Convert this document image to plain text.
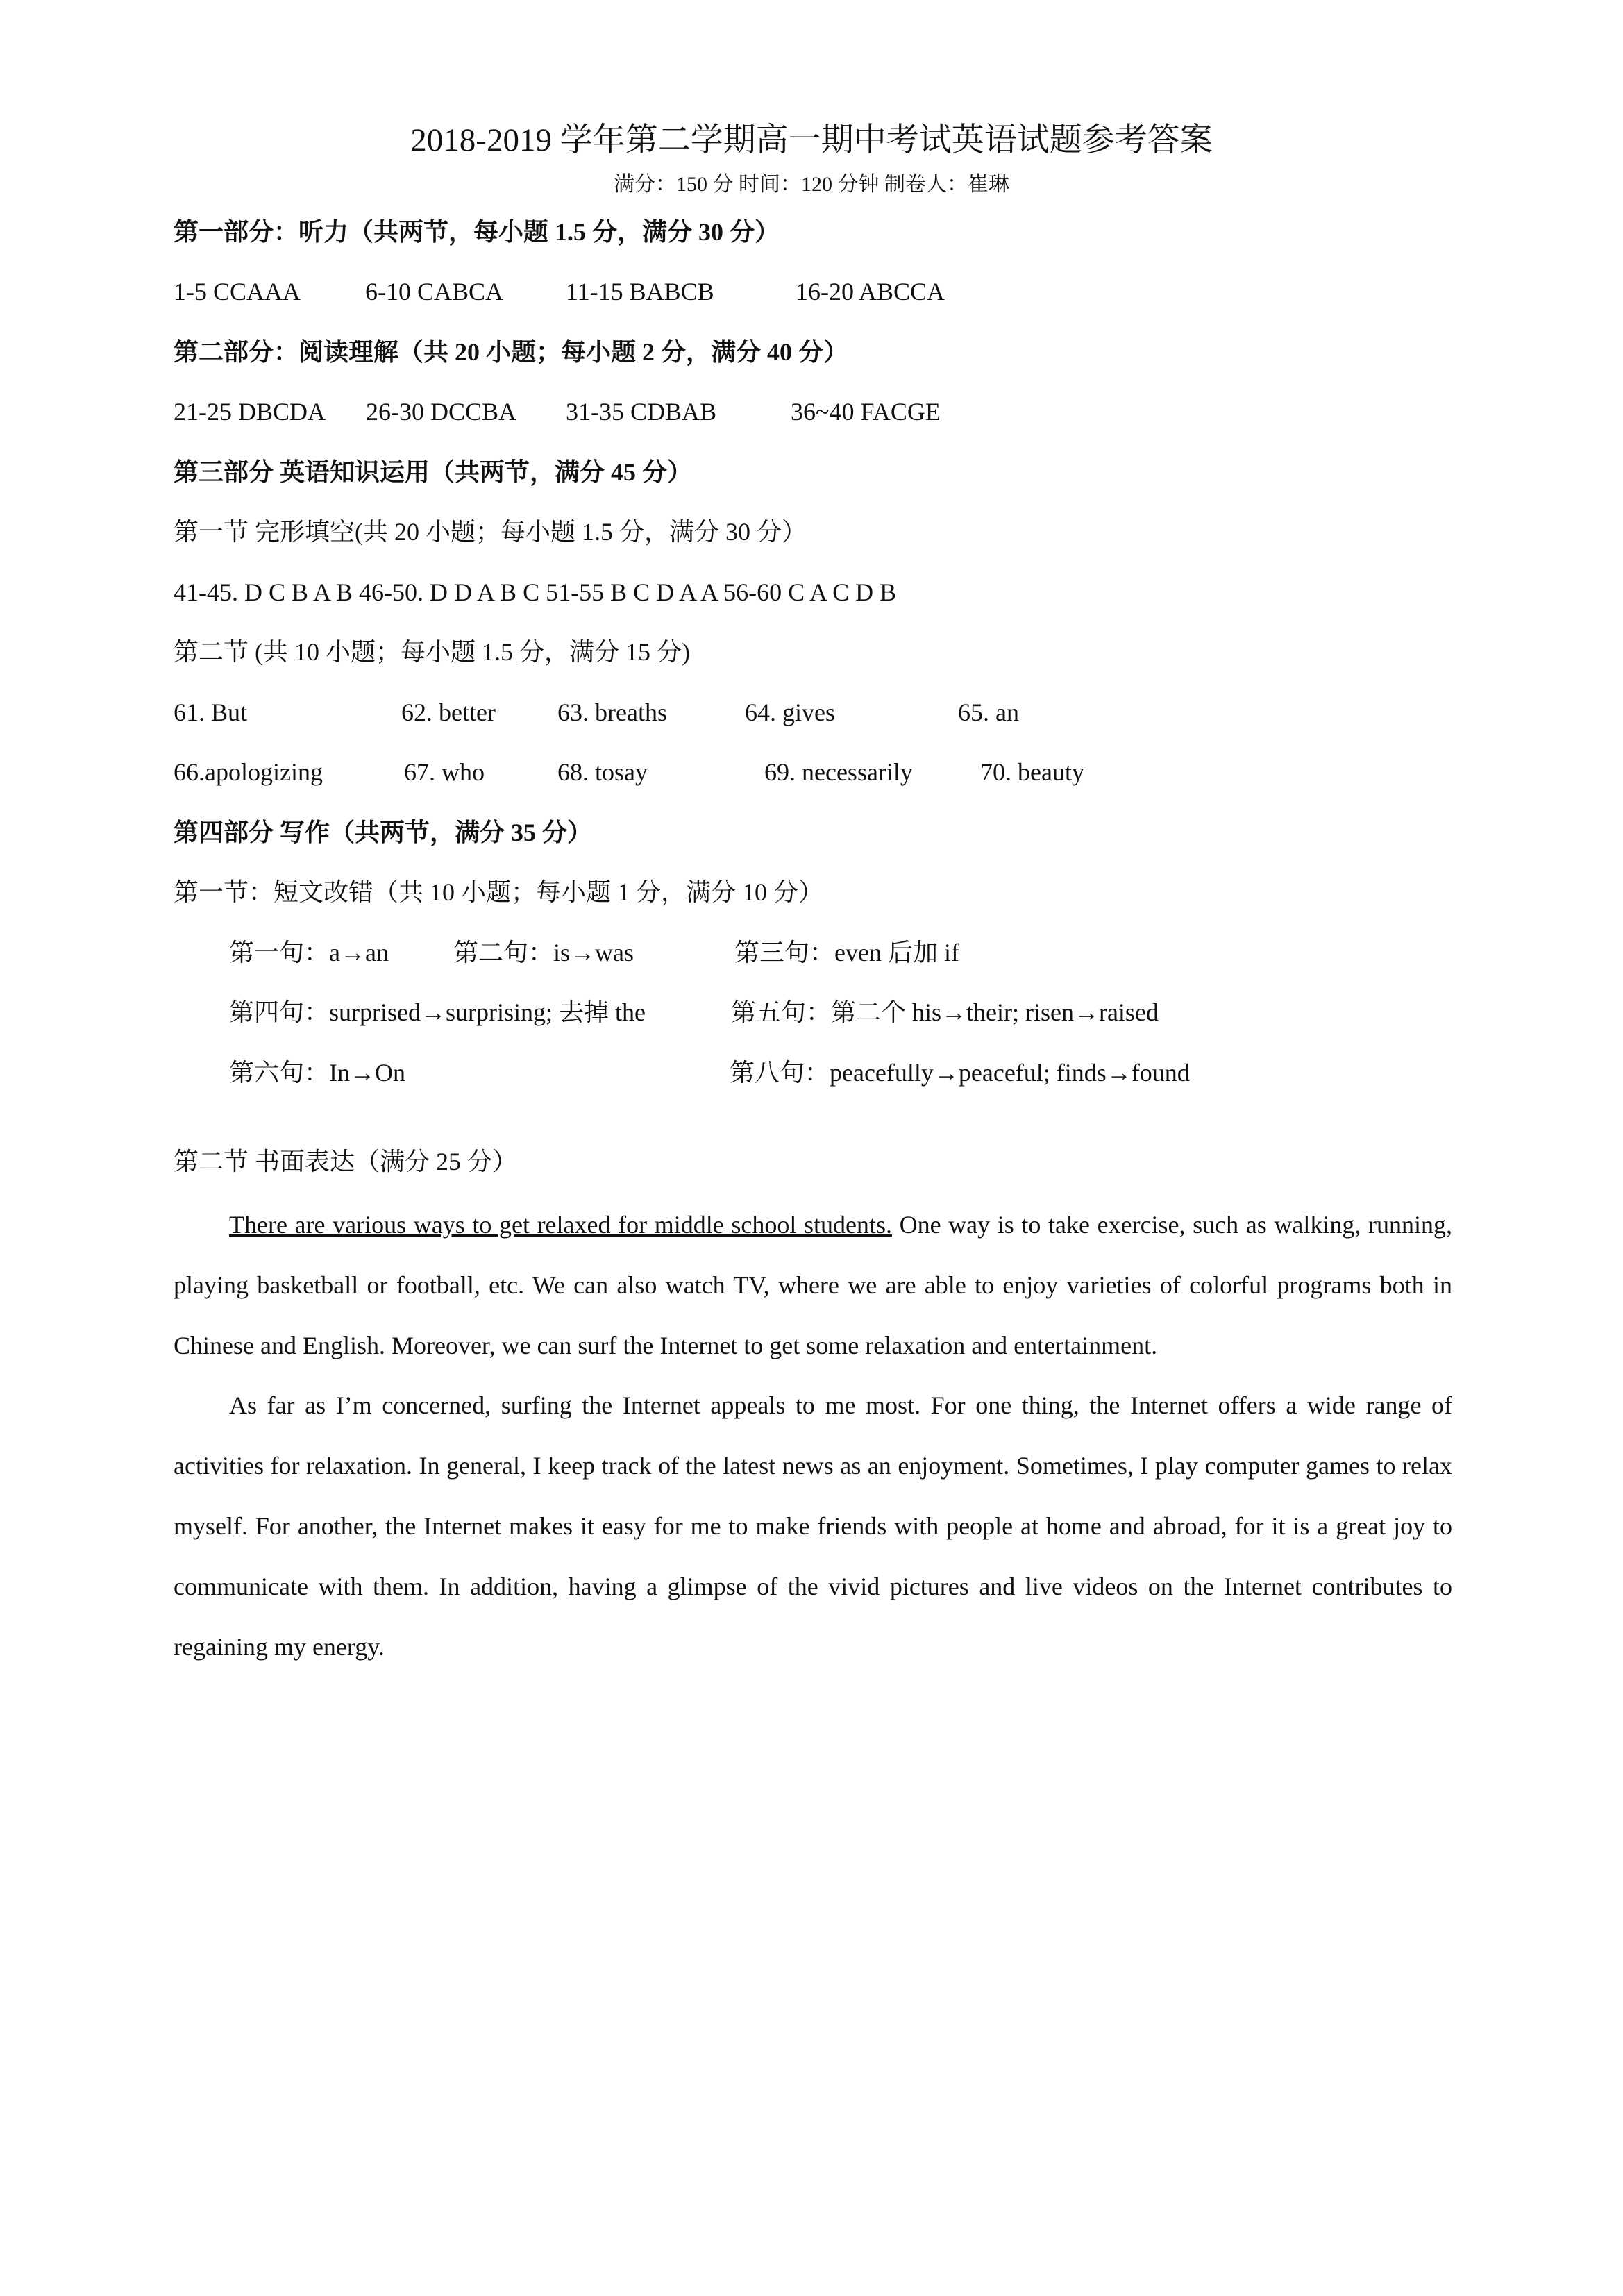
2018-2019 学年第二学期高一期中考试英语试题参考答案
满分：150 分 时间：120 分钟 制卷人：崔琳
第一部分：听力（共两节，每小题 1.5 分，满分 30 分）
1-5 CCAAA	6-10 CABCA 11-15 BABCB	16-20 ABCCA
第二部分：阅读理解（共 20 小题；每小题 2 分，满分 40 分）
21-25 DBCDA 26-30 DCCBA 31-35 CDBAB	36~40 FACGE
第三部分 英语知识运用（共两节，满分 45 分）
第一节 完形填空(共 20 小题；每小题 1.5 分，满分 30 分）
41-45. D C B A B 46-50. D D A B C 51-55 B C D A A 56-60 C A C D B
第二节 (共 10 小题；每小题 1.5 分，满分 15 分)
61. But	62. better 63. breaths	64. gives	65. an
66.apologizing	67. who	68. tosay	69. necessarily	70. beauty
第四部分 写作（共两节，满分 35 分）
第一节：短文改错（共 10 小题；每小题 1 分，满分 10 分）
第一句：a→an	第二句：is→was	第三句：even 后加 if
第四句：surprised→surprising; 去掉 the	第五句：第二个 his→their; risen→raised
第六句：In→On	第八句：peacefully→peaceful; finds→found
第二节 书面表达（满分 25 分）
There are various ways to get relaxed for middle school students. One way is to take exercise, such as walking, running, playing basketball or football, etc. We can also watch TV, where we are able to enjoy varieties of colorful programs both in Chinese and English. Moreover, we can surf the Internet to get some relaxation and entertainment.
As far as I’m concerned, surfing the Internet appeals to me most. For one thing, the Internet offers a wide range of activities for relaxation. In general, I keep track of the latest news as an enjoyment. Sometimes, I play computer games to relax myself. For another, the Internet makes it easy for me to make friends with people at home and abroad, for it is a great joy to communicate with them. In addition, having a glimpse of the vivid pictures and live videos on the Internet contributes to regaining my energy.
